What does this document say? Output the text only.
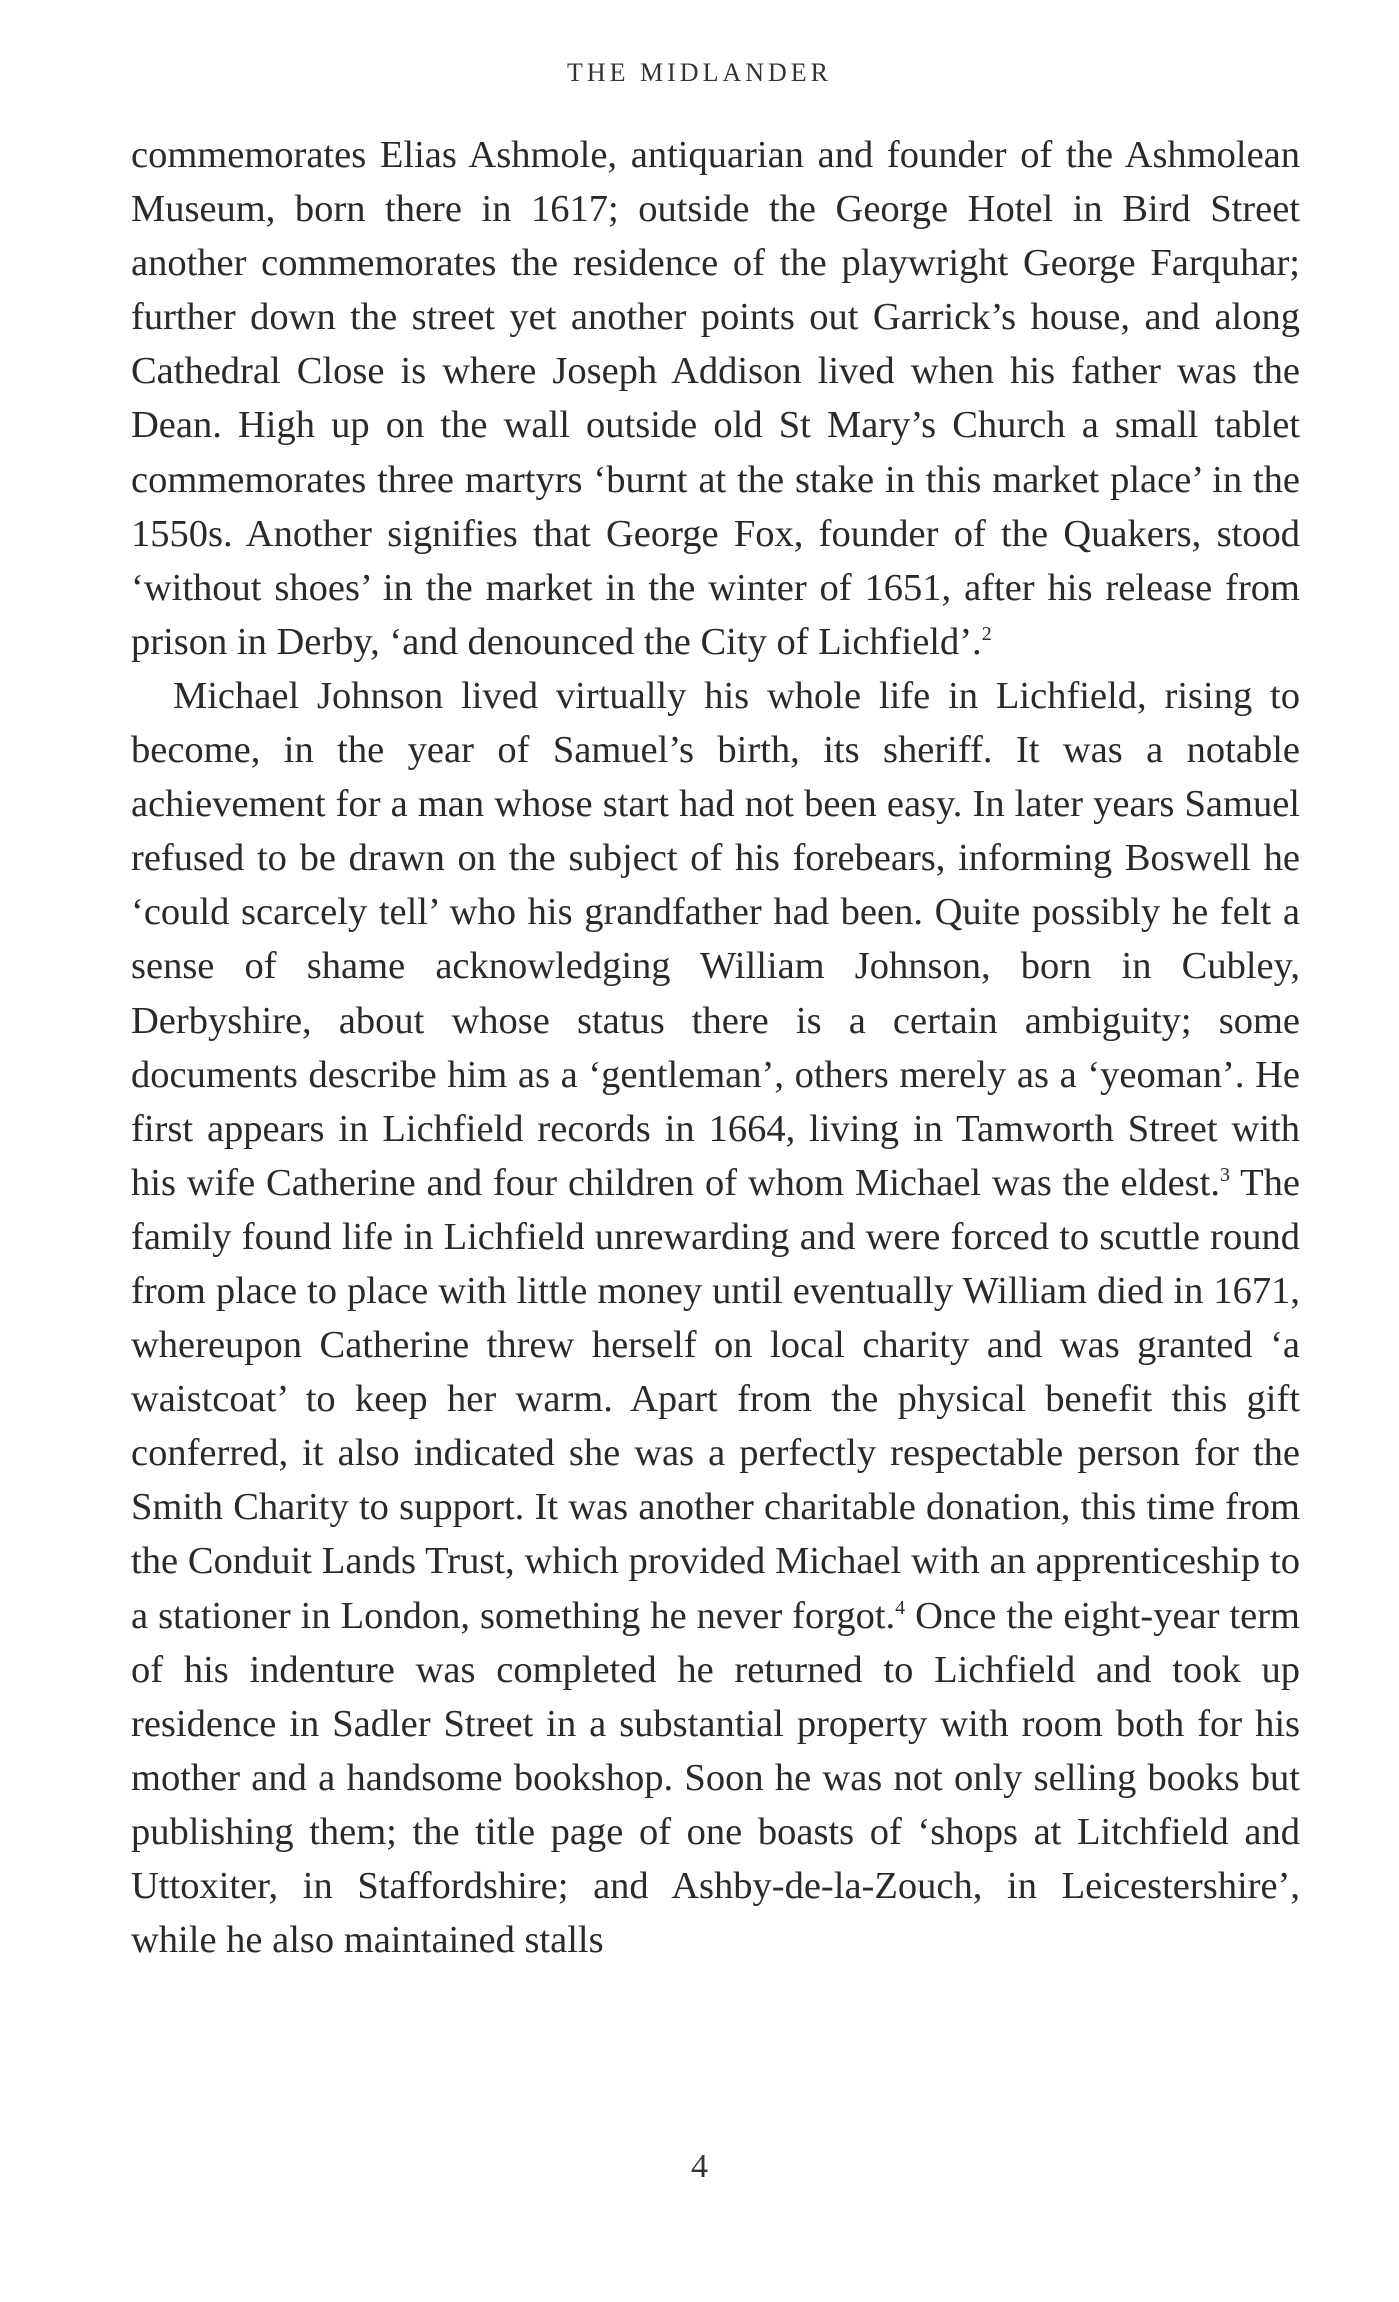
THE MIDLANDER

commemorates Elias Ashmole, antiquarian and founder of the Ashmolean Museum, born there in 1617; outside the George Hotel in Bird Street another commemorates the residence of the playwright George Farquhar; further down the street yet another points out Garrick’s house, and along Cathedral Close is where Joseph Addison lived when his father was the Dean. High up on the wall outside old St Mary’s Church a small tablet commemorates three martyrs ‘burnt at the stake in this market place’ in the 1550s. Another signifies that George Fox, founder of the Quakers, stood ‘without shoes’ in the market in the winter of 1651, after his release from prison in Derby, ‘and denounced the City of Lichfield’.$^2$

Michael Johnson lived virtually his whole life in Lichfield, rising to become, in the year of Samuel’s birth, its sheriff. It was a notable achievement for a man whose start had not been easy. In later years Samuel refused to be drawn on the subject of his forebears, informing Boswell he ‘could scarcely tell’ who his grandfather had been. Quite possibly he felt a sense of shame acknowledging William Johnson, born in Cubley, Derbyshire, about whose status there is a certain ambiguity; some documents describe him as a ‘gentleman’, others merely as a ‘yeoman’. He first appears in Lichfield records in 1664, living in Tamworth Street with his wife Catherine and four children of whom Michael was the eldest.$^3$ The family found life in Lichfield unrewarding and were forced to scuttle round from place to place with little money until eventually William died in 1671, whereupon Catherine threw herself on local charity and was granted ‘a waistcoat’ to keep her warm. Apart from the physical benefit this gift conferred, it also indicated she was a perfectly respectable person for the Smith Charity to support. It was another charitable donation, this time from the Conduit Lands Trust, which provided Michael with an apprenticeship to a stationer in London, something he never forgot.$^4$ Once the eight-year term of his indenture was completed he returned to Lichfield and took up residence in Sadler Street in a substantial property with room both for his mother and a handsome bookshop. Soon he was not only selling books but publishing them; the title page of one boasts of ‘shops at Litchfield and Uttoxiter, in Staffordshire; and Ashby-de-la-Zouch, in Leicestershire’, while he also maintained stalls

4
